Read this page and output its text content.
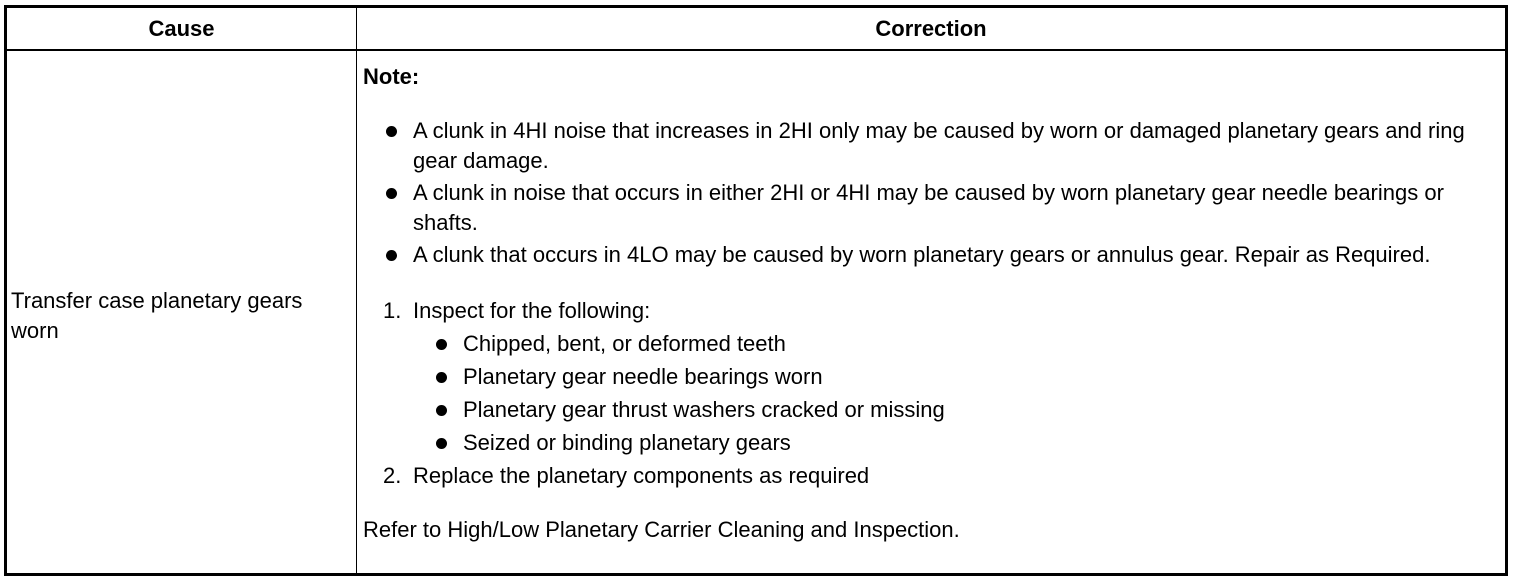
Cause	Correction
Transfer case planetary gears worn

Note:

A clunk in 4HI noise that increases in 2HI only may be caused by worn or damaged planetary gears and ring gear damage.
A clunk in noise that occurs in either 2HI or 4HI may be caused by worn planetary gear needle bearings or shafts.
A clunk that occurs in 4LO may be caused by worn planetary gears or annulus gear. Repair as Required.
1. Inspect for the following:
Chipped, bent, or deformed teeth
Planetary gear needle bearings worn
Planetary gear thrust washers cracked or missing
Seized or binding planetary gears
2. Replace the planetary components as required

Refer to High/Low Planetary Carrier Cleaning and Inspection.
